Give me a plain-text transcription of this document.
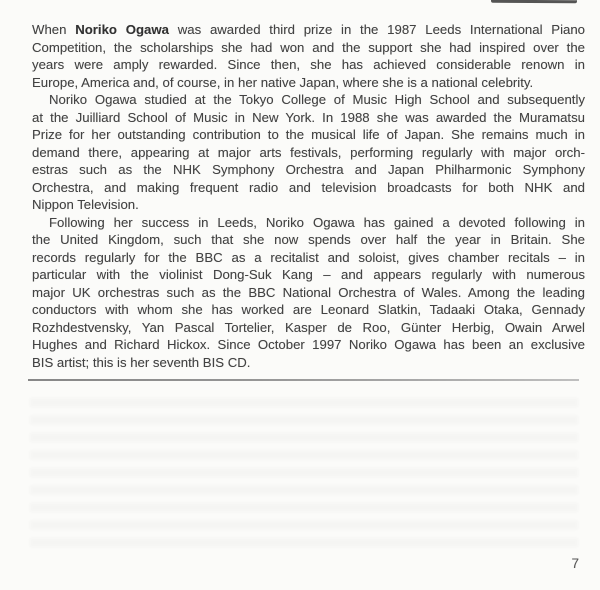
When Noriko Ogawa was awarded third prize in the 1987 Leeds International Piano
Competition, the scholarships she had won and the support she had inspired over the
years were amply rewarded. Since then, she has achieved considerable renown in
Europe, America and, of course, in her native Japan, where she is a national celebrity.
Noriko Ogawa studied at the Tokyo College of Music High School and subsequently
at the Juilliard School of Music in New York. In 1988 she was awarded the Muramatsu
Prize for her outstanding contribution to the musical life of Japan. She remains much in
demand there, appearing at major arts festivals, performing regularly with major orch-
estras such as the NHK Symphony Orchestra and Japan Philharmonic Symphony
Orchestra, and making frequent radio and television broadcasts for both NHK and
Nippon Television.
Following her success in Leeds, Noriko Ogawa has gained a devoted following in
the United Kingdom, such that she now spends over half the year in Britain. She
records regularly for the BBC as a recitalist and soloist, gives chamber recitals – in
particular with the violinist Dong-Suk Kang – and appears regularly with numerous
major UK orchestras such as the BBC National Orchestra of Wales. Among the leading
conductors with whom she has worked are Leonard Slatkin, Tadaaki Otaka, Gennady
Rozhdestvensky, Yan Pascal Tortelier, Kasper de Roo, Günter Herbig, Owain Arwel
Hughes and Richard Hickox. Since October 1997 Noriko Ogawa has been an exclusive
BIS artist; this is her seventh BIS CD.
7
